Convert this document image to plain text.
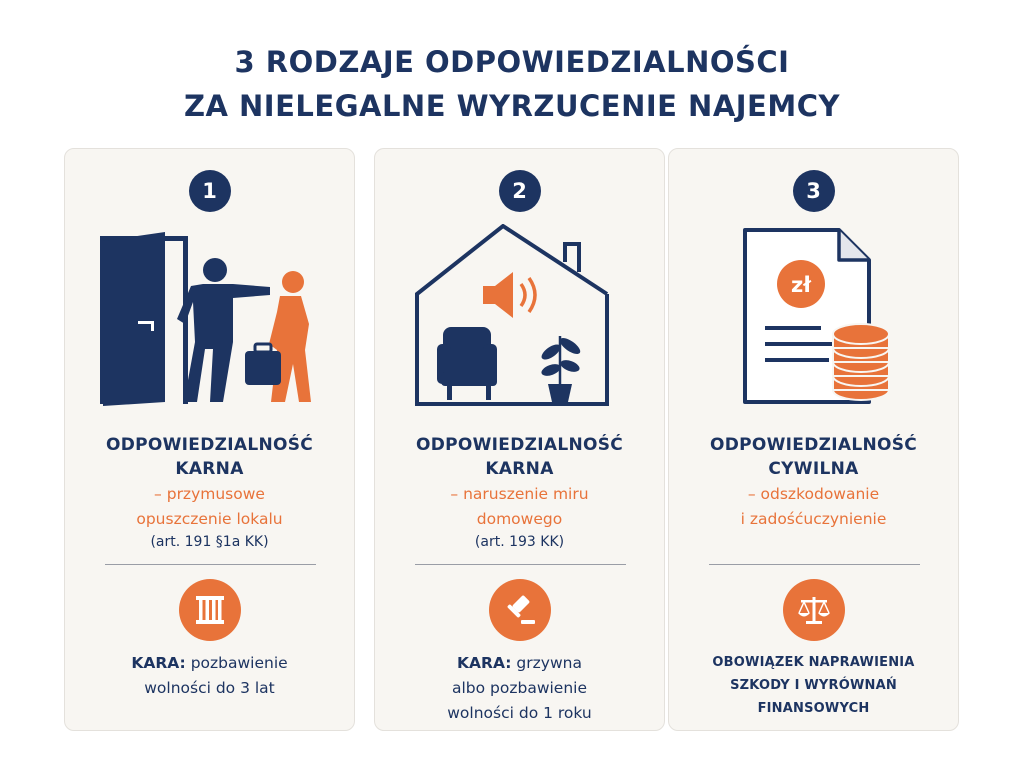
3 RODZAJE ODPOWIEDZIALNOŚCI
ZA NIELEGALNE WYRZUCENIE NAJEMCY
1
ODPOWIEDZIALNOŚĆ
KARNA
– przymusowe
opuszczenie lokalu
(art. 191 §1a KK)
KARA: pozbawienie
wolności do 3 lat
2
ODPOWIEDZIALNOŚĆ
KARNA
– naruszenie miru
domowego
(art. 193 KK)
KARA: grzywna
albo pozbawienie
wolności do 1 roku
3
zł
ODPOWIEDZIALNOŚĆ
CYWILNA
– odszkodowanie
i zadośćuczynienie
OBOWIĄZEK NAPRAWIENIA
SZKODY I WYRÓWNAŃ
FINANSOWYCH
